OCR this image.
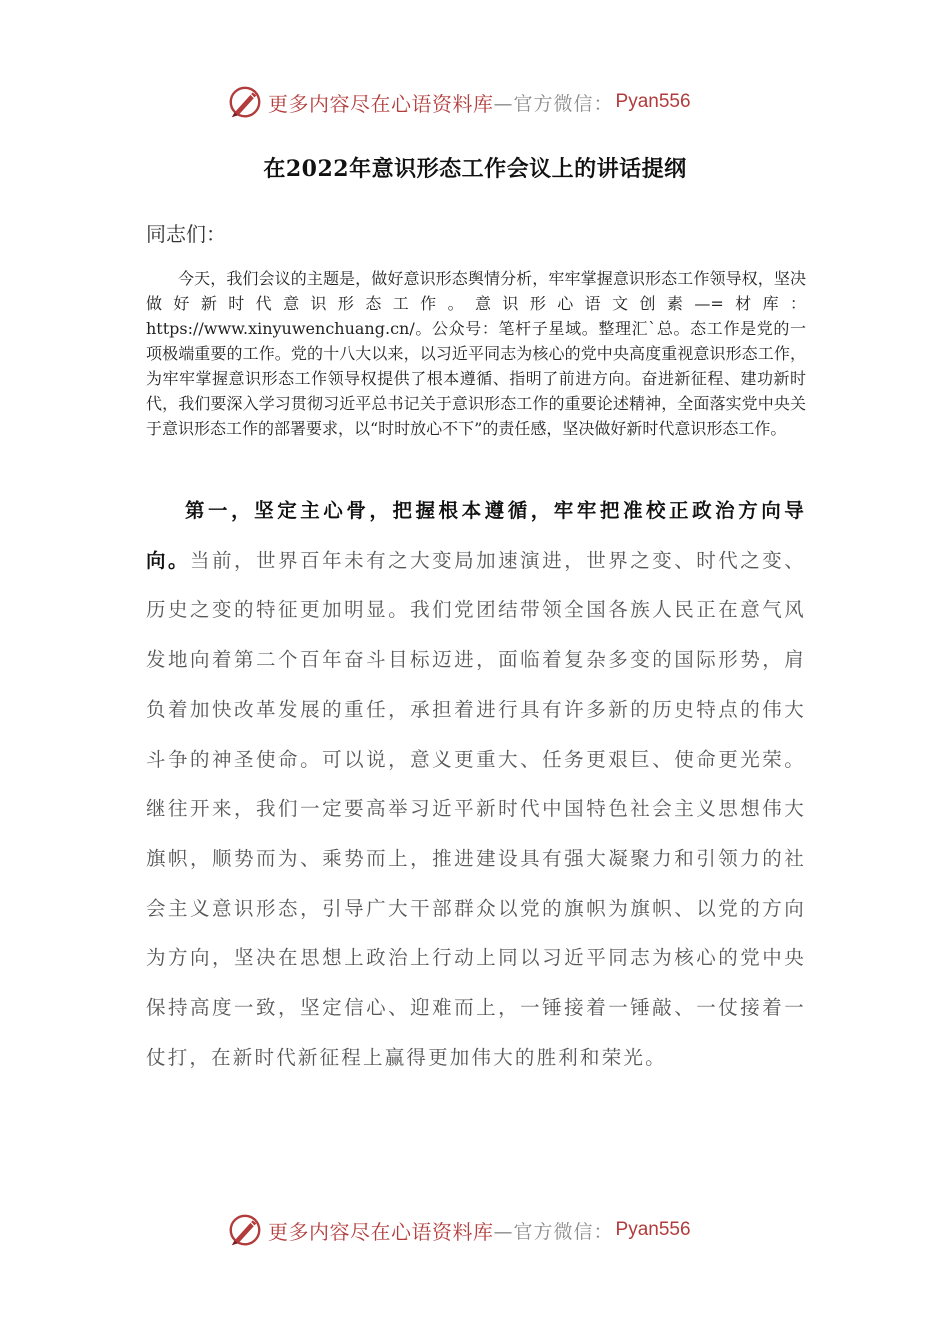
更多内容尽在心语资料库 —官方微信： Pyan556
在2022年意识形态工作会议上的讲话提纲
同志们：

今天，我们会议的主题是，做好意识形态舆情分析，牢牢掌握意识形态工作领导权，坚决做好新时代意识形态工作。意识形心语文创素—=材库：https://www.xinyuwenchuang.cn/。公众号：笔杆子星域。整理汇`总。态工作是党的一项极端重要的工作。党的十八大以来，以习近平同志为核心的党中央高度重视意识形态工作，为牢牢掌握意识形态工作领导权提供了根本遵循、指明了前进方向。奋进新征程、建功新时代，我们要深入学习贯彻习近平总书记关于意识形态工作的重要论述精神，全面落实党中央关于意识形态工作的部署要求，以“时时放心不下”的责任感，坚决做好新时代意识形态工作。

第一，坚定主心骨，把握根本遵循，牢牢把准校正政治方向导向。当前，世界百年未有之大变局加速演进，世界之变、时代之变、历史之变的特征更加明显。我们党团结带领全国各族人民正在意气风发地向着第二个百年奋斗目标迈进，面临着复杂多变的国际形势，肩负着加快改革发展的重任，承担着进行具有许多新的历史特点的伟大斗争的神圣使命。可以说，意义更重大、任务更艰巨、使命更光荣。继往开来，我们一定要高举习近平新时代中国特色社会主义思想伟大旗帜，顺势而为、乘势而上，推进建设具有强大凝聚力和引领力的社会主义意识形态，引导广大干部群众以党的旗帜为旗帜、以党的方向为方向，坚决在思想上政治上行动上同以习近平同志为核心的党中央保持高度一致，坚定信心、迎难而上，一锤接着一锤敲、一仗接着一仗打，在新时代新征程上赢得更加伟大的胜利和荣光。

更多内容尽在心语资料库 —官方微信： Pyan556
